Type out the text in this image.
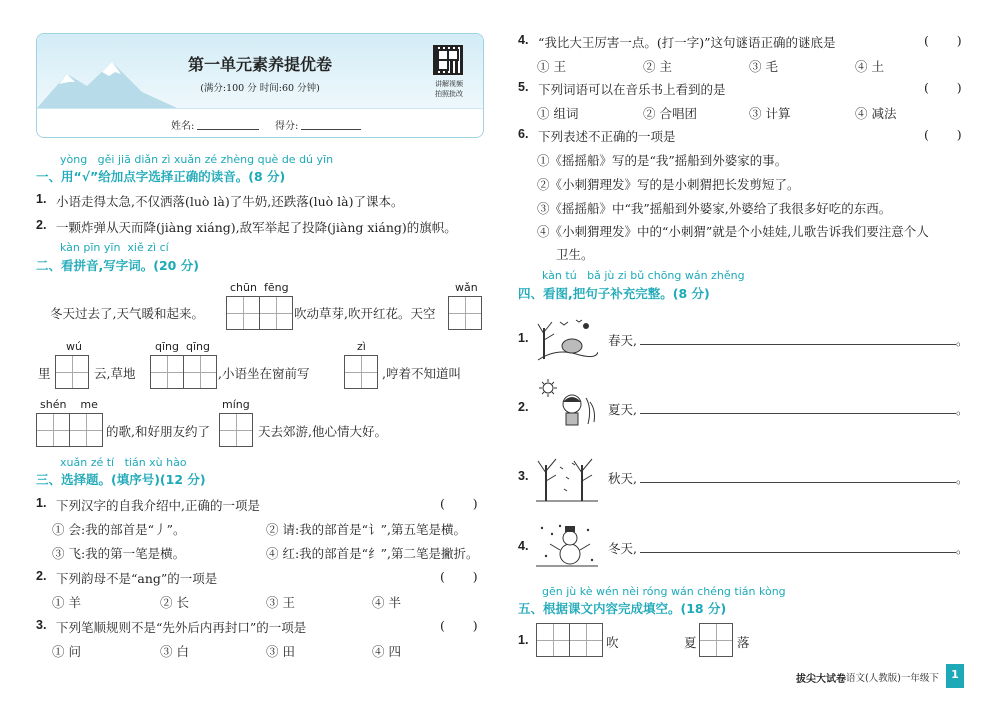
第一单元素养提优卷
(满分:100 分 时间:60 分钟)	讲解视频
拍照批改
姓名:	得分:
yòng   gěi jiā diǎn zì xuǎn zé zhèng què de dú yīn
一、用“√”给加点字选择正确的读音。(8 分)
1. 小语走得太急,不仅洒落(luò là)了牛奶,还跌落(luò là)了课本。
2. 一颗炸弹从天而降(jiàng xiáng),敌军举起了投降(jiàng xiáng)的旗帜。
kàn pīn yīn  xiě zì cí
二、看拼音,写字词。(20 分)
冬天过去了,天气暖和起来。
chūn  fēng
吹动草芽,吹开红花。天空
wǎn
里
wú
云,草地
qīng  qīng
,小语坐在窗前写
zì
,哼着不知道叫
shén    me
的歌,和好朋友约了
míng
天去郊游,他心情大好。
xuǎn zé tí   tián xù hào
三、选择题。(填序号)(12 分)
1. 下列汉字的自我介绍中,正确的一项是	(       )
① 会:我的部首是“丿”。	② 请:我的部首是“讠”,第五笔是横。
③ 飞:我的第一笔是横。	④ 红:我的部首是“纟”,第二笔是撇折。
2. 下列韵母不是“ang”的一项是	(       )
① 羊	② 长	③ 王	④ 半
3. 下列笔顺规则不是“先外后内再封口”的一项是	(       )
① 问	③ 白	③ 田	④ 四
4. “我比大王厉害一点。(打一字)”这句谜语正确的谜底是	(       )
① 王	② 主	③ 毛	④ 土
5. 下列词语可以在音乐书上看到的是	(       )
① 组词	② 合唱团	③ 计算	④ 减法
6. 下列表述不正确的一项是	(       )
①《摇摇船》写的是“我”摇船到外婆家的事。
②《小刺猬理发》写的是小刺猬把长发剪短了。
③《摇摇船》中“我”摇船到外婆家,外婆给了我很多好吃的东西。
④《小刺猬理发》中的“小刺猬”就是个小娃娃,儿歌告诉我们要注意个人
卫生。
kàn tú   bǎ jù zi bǔ chōng wán zhěng
四、看图,把句子补充完整。(8 分)
1.	春天,	。
2.	夏天,	。
3.	秋天,	。
4.	冬天,	。
gēn jù kè wén nèi róng wán chéng tián kòng
五、根据课文内容完成填空。(18 分)
1.	吹	夏	落
拔尖大试卷 语文(人教版)一年级下	1
